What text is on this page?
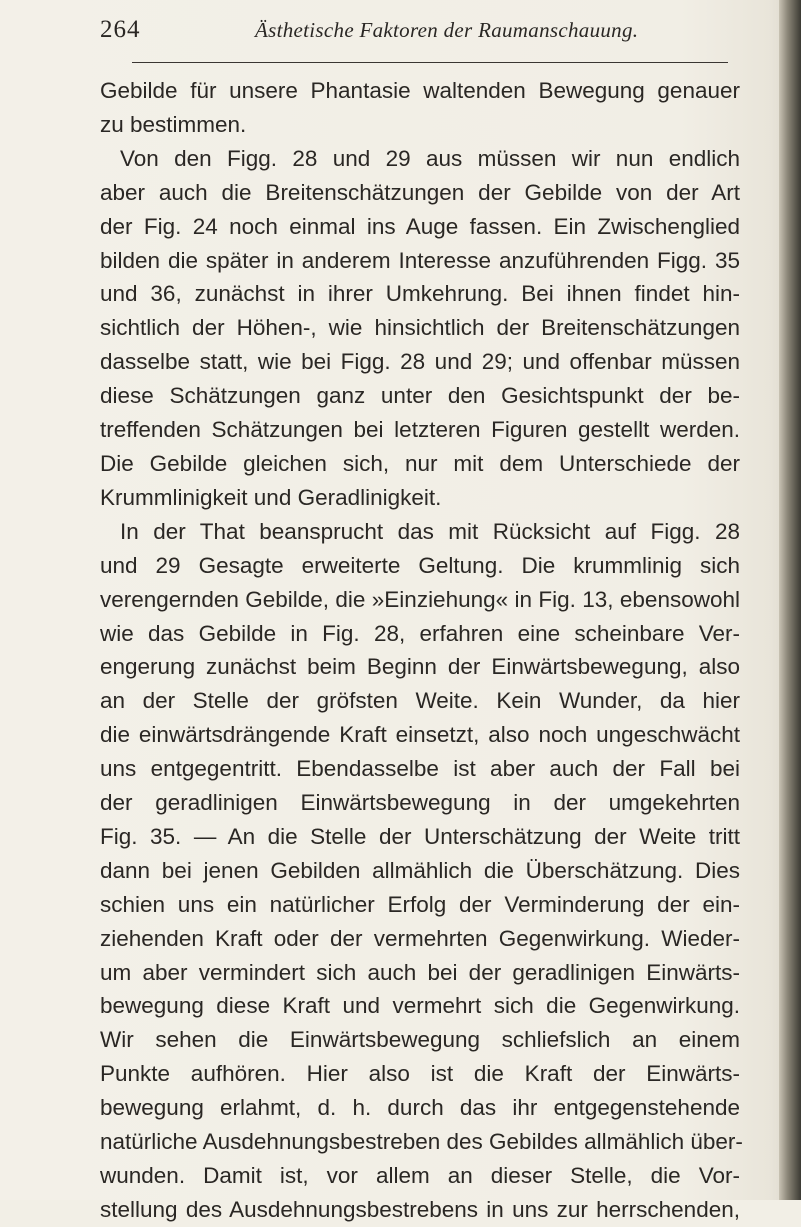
264	Ästhetische Faktoren der Raumanschauung.
Gebilde für unsere Phantasie waltenden Bewegung genauer
zu bestimmen.
Von den Figg. 28 und 29 aus müssen wir nun endlich
aber auch die Breitenschätzungen der Gebilde von der Art
der Fig. 24 noch einmal ins Auge fassen. Ein Zwischenglied
bilden die später in anderem Interesse anzuführenden Figg. 35
und 36, zunächst in ihrer Umkehrung. Bei ihnen findet hin-
sichtlich der Höhen-, wie hinsichtlich der Breitenschätzungen
dasselbe statt, wie bei Figg. 28 und 29; und offenbar müssen
diese Schätzungen ganz unter den Gesichtspunkt der be-
treffenden Schätzungen bei letzteren Figuren gestellt werden.
Die Gebilde gleichen sich, nur mit dem Unterschiede der
Krummlinigkeit und Geradlinigkeit.
In der That beansprucht das mit Rücksicht auf Figg. 28
und 29 Gesagte erweiterte Geltung. Die krummlinig sich
verengernden Gebilde, die »Einziehung« in Fig. 13, ebensowohl
wie das Gebilde in Fig. 28, erfahren eine scheinbare Ver-
engerung zunächst beim Beginn der Einwärtsbewegung, also
an der Stelle der gröfsten Weite. Kein Wunder, da hier
die einwärtsdrängende Kraft einsetzt, also noch ungeschwächt
uns entgegentritt. Ebendasselbe ist aber auch der Fall bei
der geradlinigen Einwärtsbewegung in der umgekehrten
Fig. 35. — An die Stelle der Unterschätzung der Weite tritt
dann bei jenen Gebilden allmählich die Überschätzung. Dies
schien uns ein natürlicher Erfolg der Verminderung der ein-
ziehenden Kraft oder der vermehrten Gegenwirkung. Wieder-
um aber vermindert sich auch bei der geradlinigen Einwärts-
bewegung diese Kraft und vermehrt sich die Gegenwirkung.
Wir sehen die Einwärtsbewegung schliefslich an einem
Punkte aufhören. Hier also ist die Kraft der Einwärts-
bewegung erlahmt, d. h. durch das ihr entgegenstehende
natürliche Ausdehnungsbestreben des Gebildes allmählich über-
wunden. Damit ist, vor allem an dieser Stelle, die Vor-
stellung des Ausdehnungsbestrebens in uns zur herrschenden,
